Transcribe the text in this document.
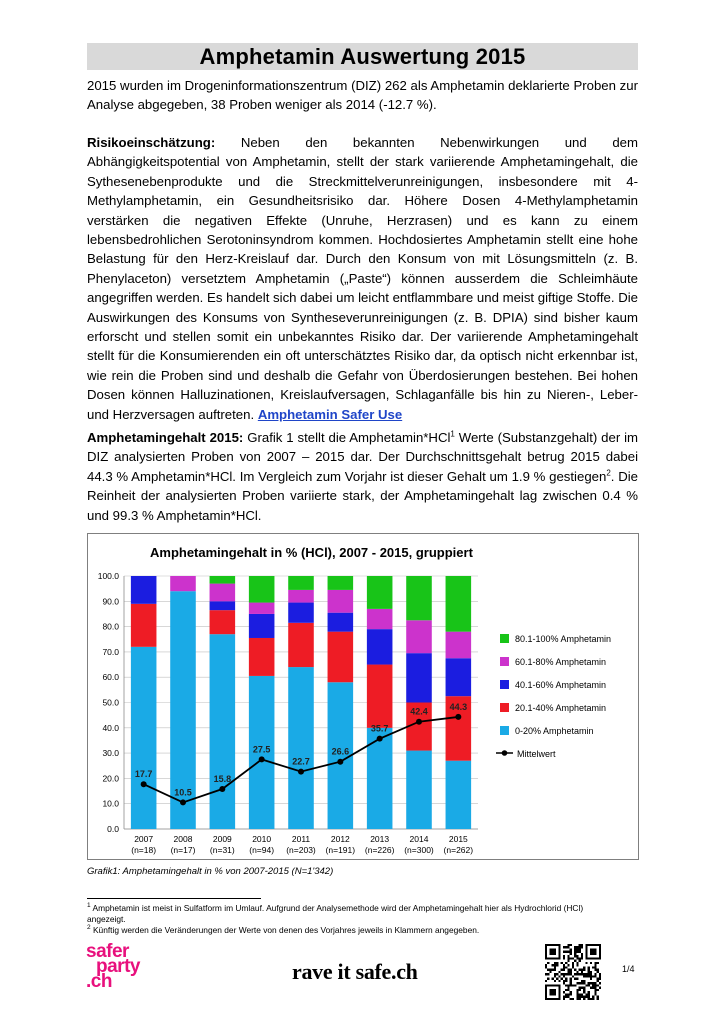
Amphetamin Auswertung 2015

2015 wurden im Drogeninformationszentrum (DIZ) 262 als Amphetamin deklarierte Proben zur Analyse abgegeben, 38 Proben weniger als 2014 (-12.7 %).

Risikoeinschätzung: Neben den bekannten Nebenwirkungen und dem Abhängigkeitspotential von Amphetamin, stellt der stark variierende Amphetamingehalt, die Sythesenebenprodukte und die Streckmittelverunreinigungen, insbesondere mit 4-Methylamphetamin, ein Gesundheitsrisiko dar. Höhere Dosen 4-Methylamphetamin verstärken die negativen Effekte (Unruhe, Herzrasen) und es kann zu einem lebensbedrohlichen Serotoninsyndrom kommen. Hochdosiertes Amphetamin stellt eine hohe Belastung für den Herz-Kreislauf dar. Durch den Konsum von mit Lösungsmitteln (z. B. Phenylaceton) versetztem Amphetamin („Paste“) können ausserdem die Schleimhäute angegriffen werden. Es handelt sich dabei um leicht entflammbare und meist giftige Stoffe. Die Auswirkungen des Konsums von Syntheseverunreinigungen (z. B. DPIA) sind bisher kaum erforscht und stellen somit ein unbekanntes Risiko dar. Der variierende Amphetamingehalt stellt für die Konsumierenden ein oft unterschätztes Risiko dar, da optisch nicht erkennbar ist, wie rein die Proben sind und deshalb die Gefahr von Überdosierungen bestehen. Bei hohen Dosen können Halluzinationen, Kreislaufversagen, Schlaganfälle bis hin zu Nieren-, Leber- und Herzversagen auftreten. Amphetamin Safer Use

Amphetamingehalt 2015: Grafik 1 stellt die Amphetamin*HCl$^1$ Werte (Substanzgehalt) der im DIZ analysierten Proben von 2007 – 2015 dar. Der Durchschnittsgehalt betrug 2015 dabei 44.3 % Amphetamin*HCl. Im Vergleich zum Vorjahr ist dieser Gehalt um 1.9 % gestiegen$^2$. Die Reinheit der analysierten Proben variierte stark, der Amphetamingehalt lag zwischen 0.4 % und 99.3 % Amphetamin*HCl.

Amphetamingehalt in % (HCl), 2007 - 2015, gruppiert
0.0
10.0
20.0
30.0
40.0
50.0
60.0
70.0
80.0
90.0
100.0
2007
(n=18)
2008
(n=17)
2009
(n=31)
2010
(n=94)
2011
(n=203)
2012
(n=191)
2013
(n=226)
2014
(n=300)
2015
(n=262)
17.7
10.5
15.8
27.5
22.7
26.6
35.7
42.4 44.3
80.1-100% Amphetamin
60.1-80% Amphetamin
40.1-60% Amphetamin
20.1-40% Amphetamin
0-20% Amphetamin
Mittelwert
Grafik1: Amphetamingehalt in % von 2007-2015 (N=1'342)
$^1$ Amphetamin ist meist in Sulfatform im Umlauf. Aufgrund der Analysemethode wird der Amphetamingehalt hier als Hydrochlorid (HCl) angezeigt.
$^2$ Künftig werden die Veränderungen der Werte von denen des Vorjahres jeweils in Klammern angegeben.
1/4
safer
party
.ch	rave it safe.ch
